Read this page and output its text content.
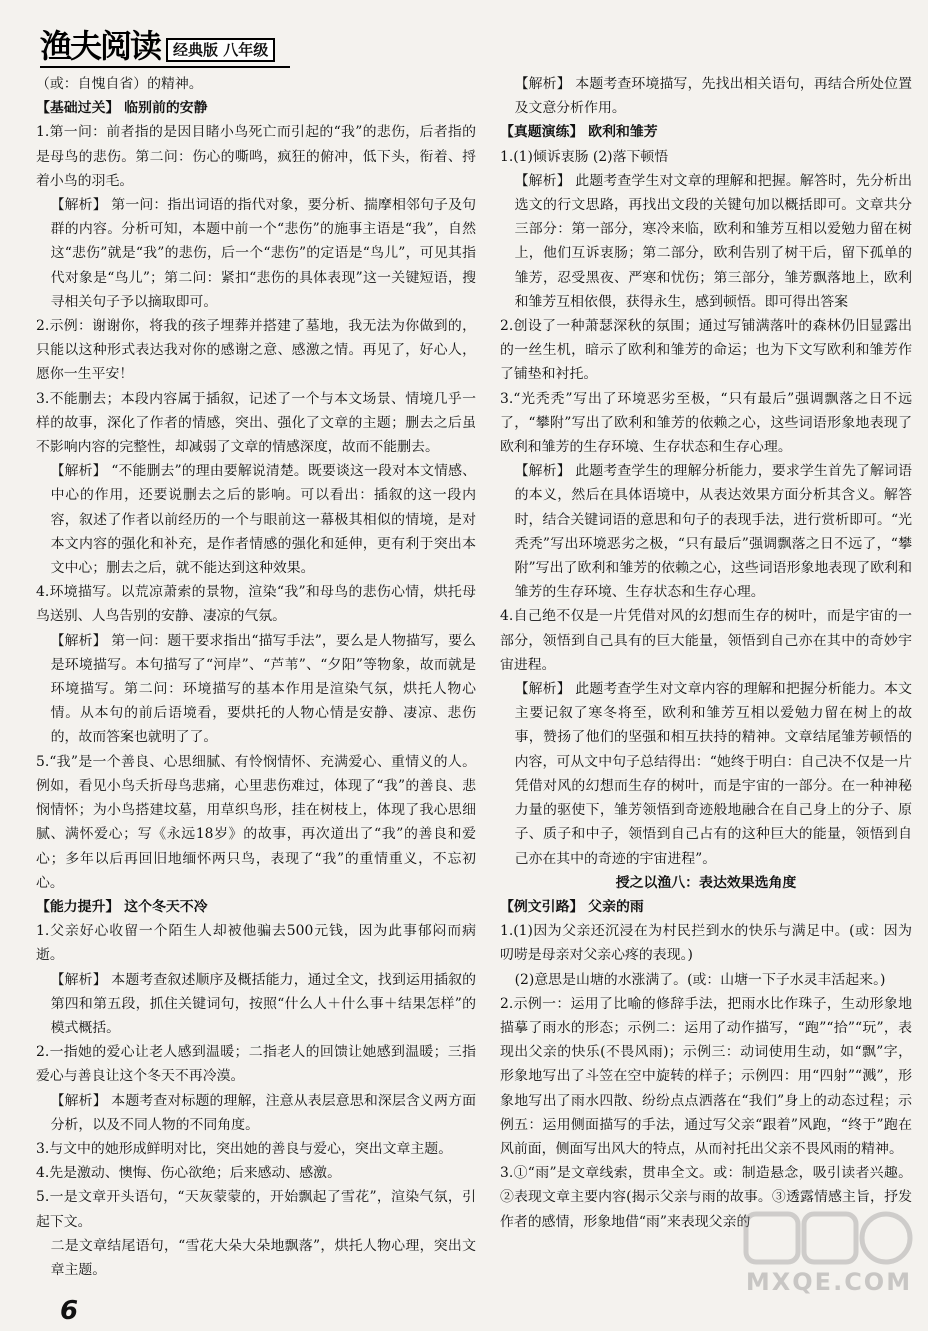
渔夫阅读 经典版 八年级

（或：自愧自省）的精神。

【基础过关】 临别前的安静

1.第一问：前者指的是因目睹小鸟死亡而引起的“我”的悲伤，后者指的是母鸟的悲伤。第二问：伤心的嘶鸣，疯狂的俯冲，低下头，衔着、捋着小鸟的羽毛。

【解析】 第一问：指出词语的指代对象，要分析、揣摩相邻句子及句群的内容。分析可知，本题中前一个“悲伤”的施事主语是“我”，自然这“悲伤”就是“我”的悲伤，后一个“悲伤”的定语是“鸟儿”，可见其指代对象是“鸟儿”；第二问：紧扣“悲伤的具体表现”这一关键短语，搜寻相关句子予以摘取即可。

2.示例：谢谢你，将我的孩子埋葬并搭建了墓地，我无法为你做到的，只能以这种形式表达我对你的感谢之意、感激之情。再见了，好心人，愿你一生平安！

3.不能删去；本段内容属于插叙，记述了一个与本文场景、情境几乎一样的故事，深化了作者的情感，突出、强化了文章的主题；删去之后虽不影响内容的完整性，却减弱了文章的情感深度，故而不能删去。

【解析】 “不能删去”的理由要解说清楚。既要谈这一段对本文情感、中心的作用，还要说删去之后的影响。可以看出：插叙的这一段内容，叙述了作者以前经历的一个与眼前这一幕极其相似的情境，是对本文内容的强化和补充，是作者情感的强化和延伸，更有利于突出本文中心；删去之后，就不能达到这种效果。

4.环境描写。以荒凉萧索的景物，渲染“我”和母鸟的悲伤心情，烘托母鸟送别、人鸟告别的安静、凄凉的气氛。

【解析】 第一问：题干要求指出“描写手法”，要么是人物描写，要么是环境描写。本句描写了“河岸”、“芦苇”、“夕阳”等物象，故而就是环境描写。第二问：环境描写的基本作用是渲染气氛，烘托人物心情。从本句的前后语境看，要烘托的人物心情是安静、凄凉、悲伤的，故而答案也就明了了。

5.“我”是一个善良、心思细腻、有怜悯情怀、充满爱心、重情义的人。例如，看见小鸟夭折母鸟悲痛，心里悲伤难过，体现了“我”的善良、悲悯情怀；为小鸟搭建坟墓，用草织鸟形，挂在树枝上，体现了我心思细腻、满怀爱心；写《永远18岁》的故事，再次道出了“我”的善良和爱心；多年以后再回旧地缅怀两只鸟，表现了“我”的重情重义，不忘初心。

【能力提升】 这个冬天不冷

1.父亲好心收留一个陌生人却被他骗去500元钱，因为此事郁闷而病逝。

【解析】 本题考查叙述顺序及概括能力，通过全文，找到运用插叙的第四和第五段，抓住关键词句，按照“什么人＋什么事＋结果怎样”的模式概括。

2.一指她的爱心让老人感到温暖；二指老人的回馈让她感到温暖；三指爱心与善良让这个冬天不再冷漠。

【解析】 本题考查对标题的理解，注意从表层意思和深层含义两方面分析，以及不同人物的不同角度。

3.与文中的她形成鲜明对比，突出她的善良与爱心，突出文章主题。

4.先是激动、懊悔、伤心欲绝；后来感动、感激。

5.一是文章开头语句，“天灰蒙蒙的，开始飘起了雪花”，渲染气氛，引起下文。

二是文章结尾语句，“雪花大朵大朵地飘落”，烘托人物心理，突出文章主题。

【解析】 本题考查环境描写，先找出相关语句，再结合所处位置及文意分析作用。

【真题演练】 欧利和雏芳

1.(1)倾诉衷肠 (2)落下顿悟

【解析】 此题考查学生对文章的理解和把握。解答时，先分析出选文的行文思路，再找出文段的关键句加以概括即可。文章共分三部分：第一部分，寒冷来临，欧利和雏芳互相以爱勉力留在树上，他们互诉衷肠；第二部分，欧利告别了树干后，留下孤单的雏芳，忍受黑夜、严寒和忧伤；第三部分，雏芳飘落地上，欧利和雏芳互相依偎，获得永生，感到顿悟。即可得出答案

2.创设了一种萧瑟深秋的氛围；通过写铺满落叶的森林仍旧显露出的一丝生机，暗示了欧利和雏芳的命运；也为下文写欧利和雏芳作了铺垫和衬托。

3.“光秃秃”写出了环境恶劣至极，“只有最后”强调飘落之日不远了，“攀附”写出了欧利和雏芳的依赖之心，这些词语形象地表现了欧利和雏芳的生存环境、生存状态和生存心理。

【解析】 此题考查学生的理解分析能力，要求学生首先了解词语的本义，然后在具体语境中，从表达效果方面分析其含义。解答时，结合关键词语的意思和句子的表现手法，进行赏析即可。“光秃秃”写出环境恶劣之极，“只有最后”强调飘落之日不远了，“攀附”写出了欧利和雏芳的依赖之心，这些词语形象地表现了欧利和雏芳的生存环境、生存状态和生存心理。

4.自己绝不仅是一片凭借对风的幻想而生存的树叶，而是宇宙的一部分，领悟到自己具有的巨大能量，领悟到自己亦在其中的奇妙宇宙进程。

【解析】 此题考查学生对文章内容的理解和把握分析能力。本文主要记叙了寒冬将至，欧利和雏芳互相以爱勉力留在树上的故事，赞扬了他们的坚强和相互扶持的精神。文章结尾雏芳顿悟的内容，可从文中句子总结得出：“她终于明白：自己决不仅是一片凭借对风的幻想而生存的树叶，而是宇宙的一部分。在一种神秘力量的驱使下，雏芳领悟到奇迹般地融合在自己身上的分子、原子、质子和中子，领悟到自己占有的这种巨大的能量，领悟到自己亦在其中的奇迹的宇宙进程”。

授之以渔八：表达效果选角度

【例文引路】 父亲的雨

1.(1)因为父亲还沉浸在为村民拦到水的快乐与满足中。(或：因为叨唠是母亲对父亲心疼的表现。)

(2)意思是山塘的水涨满了。(或：山塘一下子水灵丰活起来。)

2.示例一：运用了比喻的修辞手法，把雨水比作珠子，生动形象地描摹了雨水的形态；示例二：运用了动作描写，“跑”“拾”“玩”，表现出父亲的快乐(不畏风雨)；示例三：动词使用生动，如“飘”字，形象地写出了斗笠在空中旋转的样子；示例四：用“四射”“溅”，形象地写出了雨水四散、纷纷点点洒落在“我们”身上的动态过程；示例五：运用侧面描写的手法，通过写父亲“跟着”风跑，“终于”跑在风前面，侧面写出风大的特点，从而衬托出父亲不畏风雨的精神。

3.①“雨”是文章线索，贯串全文。或：制造悬念，吸引读者兴趣。②表现文章主要内容(揭示父亲与雨的故事。③透露情感主旨，抒发作者的感情，形象地借“雨”来表现父亲的

6
MXQE.COM
